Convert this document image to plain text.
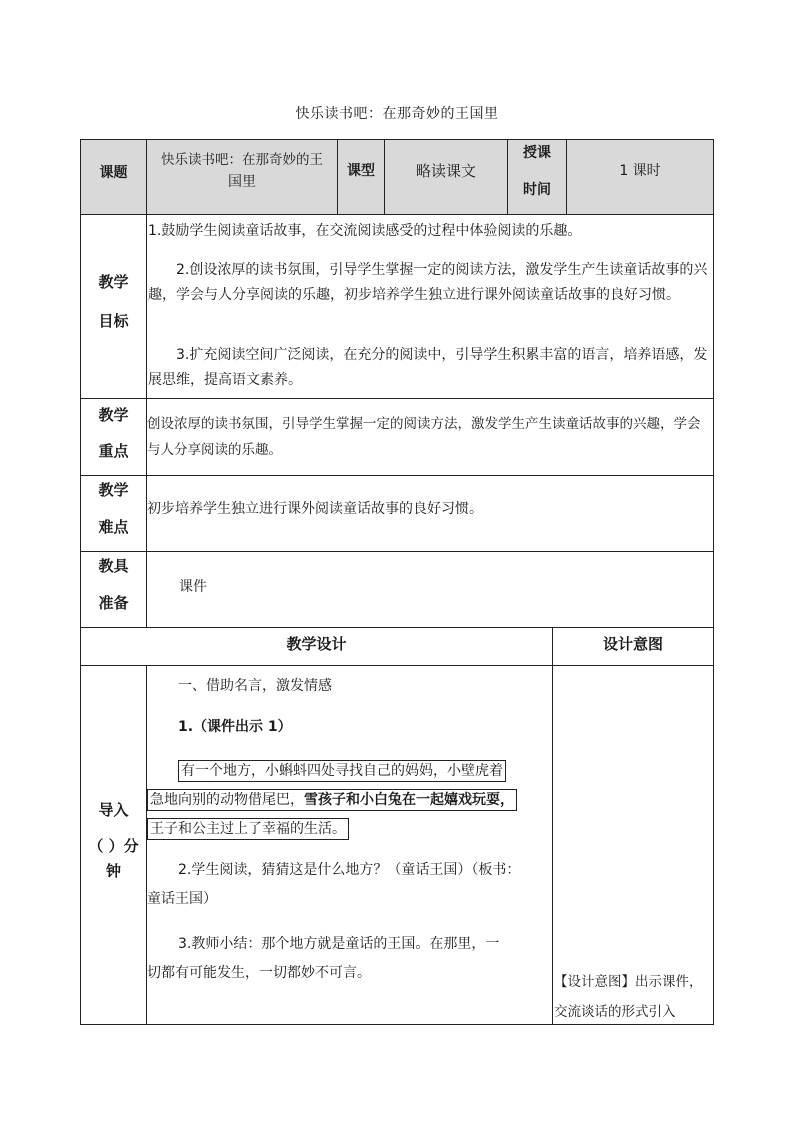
快乐读书吧：在那奇妙的王国里
课题
快乐读书吧：在那奇妙的王
国里
课型	略读课文
授课
时间
1 课时
教学
目标
1.鼓励学生阅读童话故事，在交流阅读感受的过程中体验阅读的乐趣。
2.创设浓厚的读书氛围，引导学生掌握一定的阅读方法，激发学生产生读童话故事的兴趣，学会与人分享阅读的乐趣，初步培养学生独立进行课外阅读童话故事的良好习惯。
3.扩充阅读空间广泛阅读，在充分的阅读中，引导学生积累丰富的语言，培养语感，发展思维，提高语文素养。
教学
重点
创设浓厚的读书氛围，引导学生掌握一定的阅读方法，激发学生产生读童话故事的兴趣，学会与人分享阅读的乐趣。
教学
难点
初步培养学生独立进行课外阅读童话故事的良好习惯。
教具
准备
课件
教学设计	设计意图
导入
（ ）分
钟
一、借助名言，激发情感
1.（课件出示 1）
有一个地方，小蝌蚪四处寻找自己的妈妈，小壁虎着
急地向别的动物借尾巴，雪孩子和小白兔在一起嬉戏玩耍，
王子和公主过上了幸福的生活。
2.学生阅读，猜猜这是什么地方？（童话王国）（板书：
童话王国）
3.教师小结：那个地方就是童话的王国。在那里，一
切都有可能发生，一切都妙不可言。
【设计意图】出示课件，
交流谈话的形式引入
